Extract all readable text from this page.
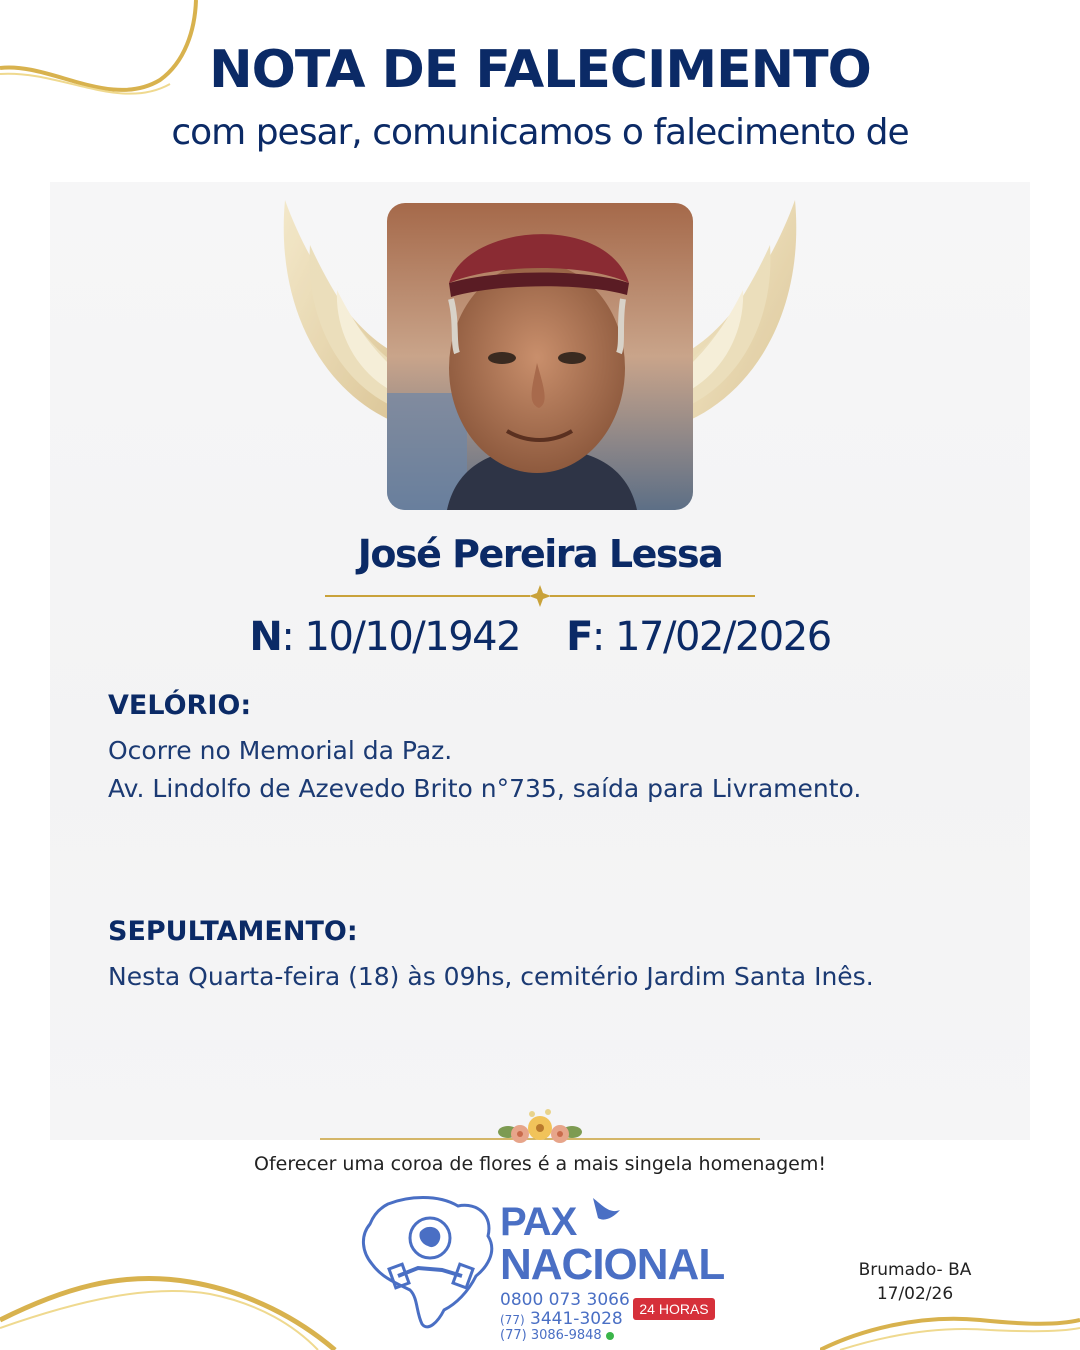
NOTA DE FALECIMENTO
com pesar, comunicamos o falecimento de
José Pereira Lessa
N: 10/10/1942 F: 17/02/2026
VELÓRIO:
Ocorre no Memorial da Paz.
Av. Lindolfo de Azevedo Brito n°735, saída para Livramento.
SEPULTAMENTO:
Nesta Quarta-feira (18) às 09hs, cemitério Jardim Santa Inês.
Oferecer uma coroa de flores é a mais singela homenagem!
PAX
NACIONAL
0800 073 3066
(77) 3441-3028
(77) 3086-9848
24 HORAS
Brumado- BA
17/02/26
